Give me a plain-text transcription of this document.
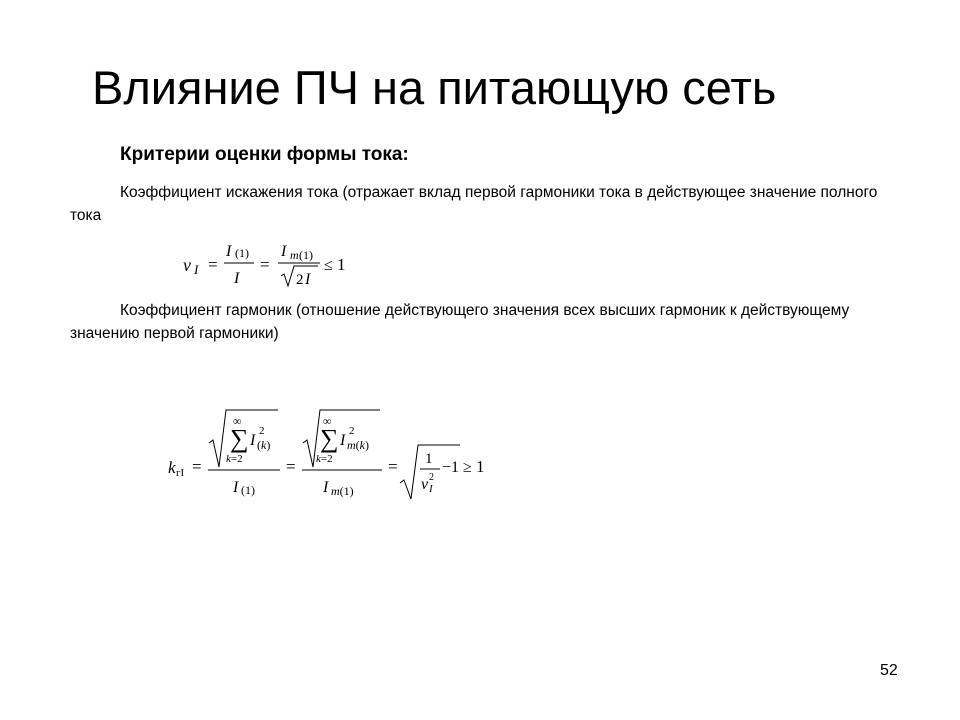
Влияние ПЧ на питающую сеть
Критерии оценки формы тока:
Коэффициент искажения тока (отражает вклад первой гармоники тока в действующее значение полного тока
ν I =
I (1)
I
=
I m (1)
2 I
≤ 1
Коэффициент гармоник (отношение действующего значения всех высших гармоник к действующему значению первой гармоники)
k гI =
∞
∑
k=2
I
2
(k)
I (1)
=
∞
∑
k=2
I
2
m(k)
I m(1)
= 1
ν 2
I
−1 ≥ 1
52
